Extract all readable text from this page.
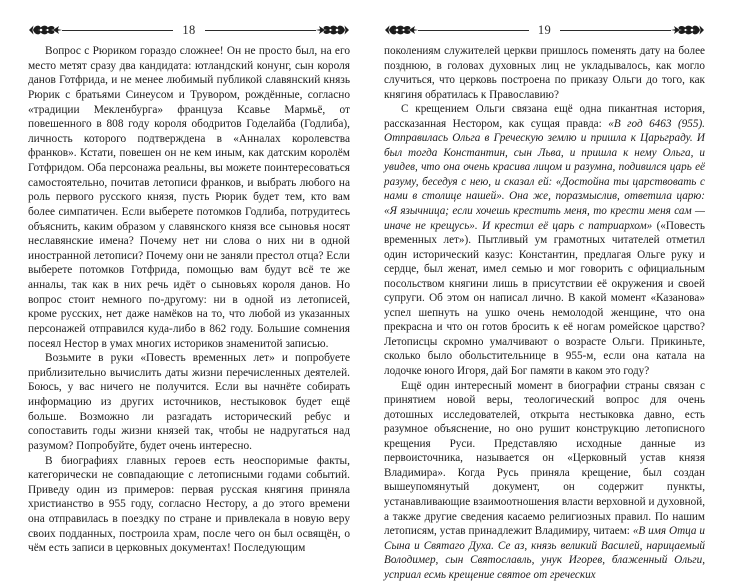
18

Вопрос с Рюриком гораздо сложнее! Он не просто был, на его место метят сразу два кандидата: ютландский конунг, сын короля данов Готфрида, и не менее любимый публикой славянский князь Рюрик с братьями Синеусом и Трувором, рождённые, согласно «традиции Мекленбурга» француза Ксавье Мармьё, от повешенного в 808 году короля ободритов Годелайба (Годлиба), личность которого подтверждена в «Анналах королевства франков». Кстати, повешен он не кем иным, как датским королём Готфридом. Оба персонажа реальны, вы можете поинтересоваться самостоятельно, почитав летописи франков, и выбрать любого на роль первого русского князя, пусть Рюрик будет тем, кто вам более симпатичен. Если выберете потомков Годлиба, потрудитесь объяснить, каким образом у славянского князя все сыновья носят неславянские имена? Почему нет ни слова о них ни в одной иностранной летописи? Почему они не заняли престол отца? Если выберете потомков Готфрида, помощью вам будут всё те же анналы, так как в них речь идёт о сыновьях короля данов. Но вопрос стоит немного по-другому: ни в одной из летописей, кроме русских, нет даже намёков на то, что любой из указанных персонажей отправился куда-либо в 862 году. Большие сомнения посеял Нестор в умах многих историков знаменитой записью.

Возьмите в руки «Повесть временных лет» и попробуете приблизительно вычислить даты жизни перечисленных деятелей. Боюсь, у вас ничего не получится. Если вы начнёте собирать информацию из других источников, нестыковок будет ещё больше. Возможно ли разгадать исторический ребус и сопоставить годы жизни князей так, чтобы не надругаться над разумом? Попробуйте, будет очень интересно.

В биографиях главных героев есть неоспоримые факты, категорически не совпадающие с летописными годами событий. Приведу один из примеров: первая русская княгиня приняла христианство в 955 году, согласно Нестору, а до этого времени она отправилась в поездку по стране и привлекала в новую веру своих подданных, построила храм, после чего он был освящён, о чём есть записи в церковных документах! Последующим

19

поколениям служителей церкви пришлось поменять дату на более позднюю, в головах духовных лиц не укладывалось, как могло случиться, что церковь построена по приказу Ольги до того, как княгиня обратилась к Православию?

С крещением Ольги связана ещё одна пикантная история, рассказанная Нестором, как сущая правда: «В год 6463 (955). Отправилась Ольга в Греческую землю и пришла к Царьграду. И был тогда Константин, сын Льва, и пришла к нему Ольга, и увидев, что она очень красива лицом и разумна, подивился царь её разуму, беседуя с нею, и сказал ей: «Достойна ты царствовать с нами в столице нашей». Она же, поразмыслив, ответила царю: «Я язычница; если хочешь крестить меня, то крести меня сам — иначе не крещусь». И крестил её царь с патриархом» («Повесть временных лет»). Пытливый ум грамотных читателей отметил один исторический казус: Константин, предлагая Ольге руку и сердце, был женат, имел семью и мог говорить с официальным посольством княгини лишь в присутствии её окружения и своей супруги. Об этом он написал лично. В какой момент «Казанова» успел шепнуть на ушко очень немолодой женщине, что она прекрасна и что он готов бросить к её ногам ромейское царство? Летописцы скромно умалчивают о возрасте Ольги. Прикиньте, сколько было обольстительнице в 955-м, если она катала на лодочке юного Игоря, дай Бог памяти в каком это году?

Ещё один интересный момент в биографии страны связан с принятием новой веры, теологический вопрос для очень дотошных исследователей, открыта нестыковка давно, есть разумное объяснение, но оно рушит конструкцию летописного крещения Руси. Представляю исходные данные из первоисточника, называется он «Церковный устав князя Владимира». Когда Русь приняла крещение, был создан вышеупомянутый документ, он содержит пункты, устанавливающие взаимоотношения власти верховной и духовной, а также другие сведения касаемо религиозных правил. По нашим летописям, устав принадлежит Владимиру, читаем: «В имя Отца и Сына и Святаго Духа. Се аз, князь великий Василей, нарицаемый Володимер, сын Святославль, унук Игорев, блаженный Ольги, усприал есмь крещение святое от греческих
